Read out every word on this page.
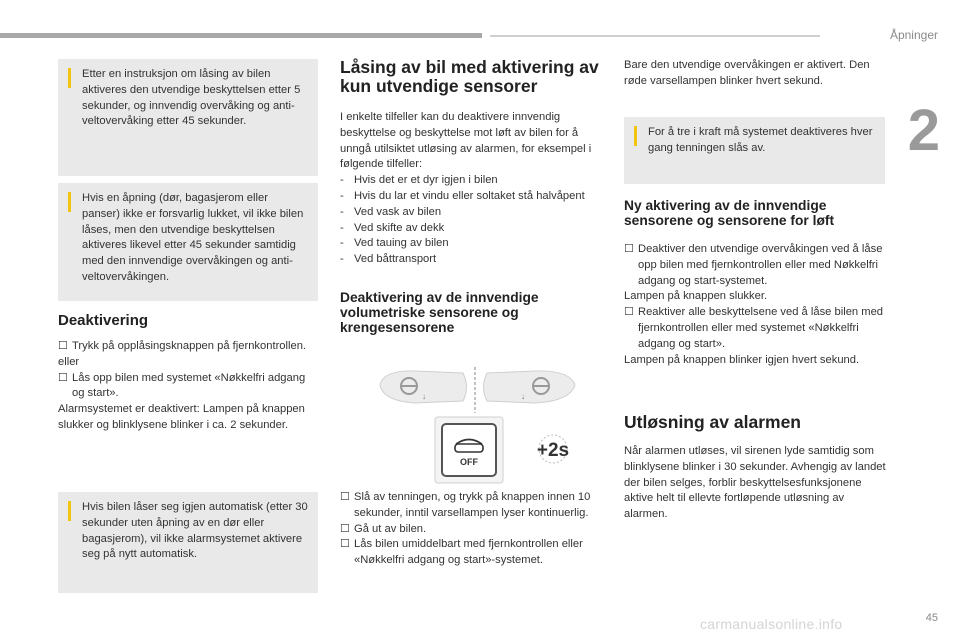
Åpninger
2
45
Etter en instruksjon om låsing av bilen aktiveres den utvendige beskyttelsen etter 5 sekunder, og innvendig overvåking og anti-veltovervåking etter 45 sekunder.
Hvis en åpning (dør, bagasjerom eller panser) ikke er forsvarlig lukket, vil ikke bilen låses, men den utvendige beskyttelsen aktiveres likevel etter 45 sekunder samtidig med den innvendige overvåkingen og anti-veltovervåkingen.
Deaktivering

☐ Trykk på opplåsingsknappen på fjernkontrollen.

eller

☐ Lås opp bilen med systemet «Nøkkelfri adgang og start».

Alarmsystemet er deaktivert: Lampen på knappen slukker og blinklysene blinker i ca. 2 sekunder.

Hvis bilen låser seg igjen automatisk (etter 30 sekunder uten åpning av en dør eller bagasjerom), vil ikke alarmsystemet aktivere seg på nytt automatisk.
Låsing av bil med aktivering av kun utvendige sensorer

I enkelte tilfeller kan du deaktivere innvendig beskyttelse og beskyttelse mot løft av bilen for å unngå utilsiktet utløsing av alarmen, for eksempel i følgende tilfeller:

- Hvis det er et dyr igjen i bilen
- Hvis du lar et vindu eller soltaket stå halvåpent
- Ved vask av bilen
- Ved skifte av dekk
- Ved tauing av bilen
- Ved båttransport
Deaktivering av de innvendige volumetriske sensorene og krengesensorene
↓	↓
OFF
+2s

☐ Slå av tenningen, og trykk på knappen innen 10 sekunder, inntil varsellampen lyser kontinuerlig.

☐ Gå ut av bilen.

☐ Lås bilen umiddelbart med fjernkontrollen eller «Nøkkelfri adgang og start»-systemet.

Bare den utvendige overvåkingen er aktivert. Den røde varsellampen blinker hvert sekund.

For å tre i kraft må systemet deaktiveres hver gang tenningen slås av.
Ny aktivering av de innvendige sensorene og sensorene for løft

☐ Deaktiver den utvendige overvåkingen ved å låse opp bilen med fjernkontrollen eller med Nøkkelfri adgang og start-systemet.

Lampen på knappen slukker.

☐ Reaktiver alle beskyttelsene ved å låse bilen med fjernkontrollen eller med systemet «Nøkkelfri adgang og start».

Lampen på knappen blinker igjen hvert sekund.

Utløsning av alarmen

Når alarmen utløses, vil sirenen lyde samtidig som blinklysene blinker i 30 sekunder. Avhengig av landet der bilen selges, forblir beskyttelsesfunksjonene aktive helt til ellevte fortløpende utløsning av alarmen.

carmanualsonline.info
